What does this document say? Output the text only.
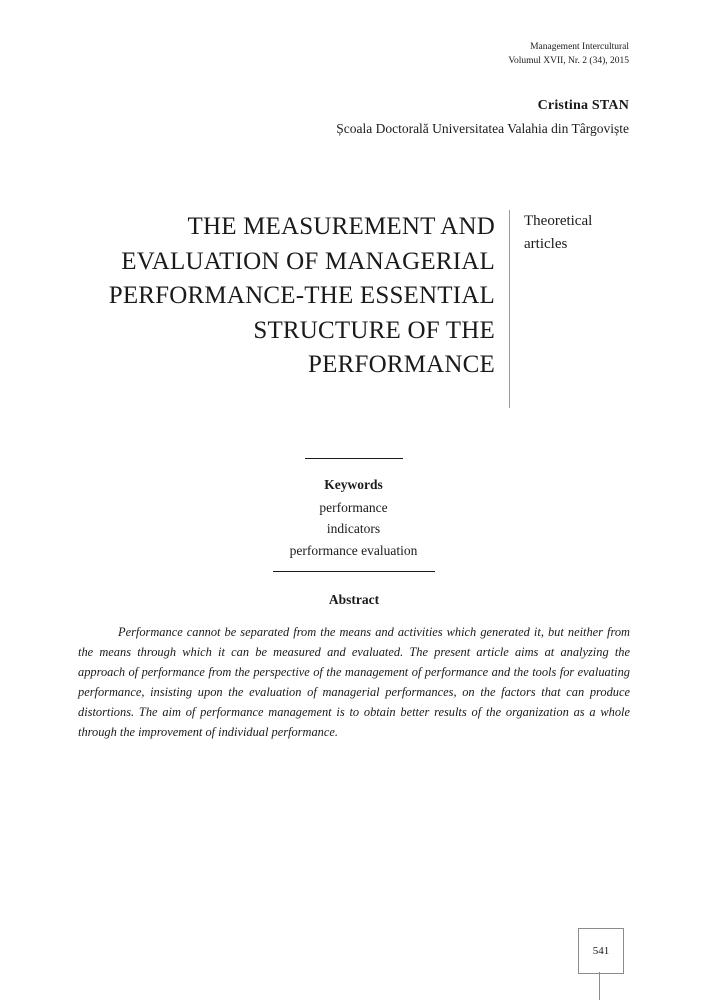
Management Intercultural
Volumul XVII, Nr. 2 (34), 2015
Cristina STAN
Școala Doctorală Universitatea Valahia din Târgoviște
THE MEASUREMENT AND EVALUATION OF MANAGERIAL PERFORMANCE-THE ESSENTIAL STRUCTURE OF THE PERFORMANCE
Theoretical articles
Keywords
performance
indicators
performance evaluation
Abstract
Performance cannot be separated from the means and activities which generated it, but neither from the means through which it can be measured and evaluated. The present article aims at analyzing the approach of performance from the perspective of the management of performance and the tools for evaluating performance, insisting upon the evaluation of managerial performances, on the factors that can produce distortions. The aim of performance management is to obtain better results of the organization as a whole through the improvement of individual performance.
541
